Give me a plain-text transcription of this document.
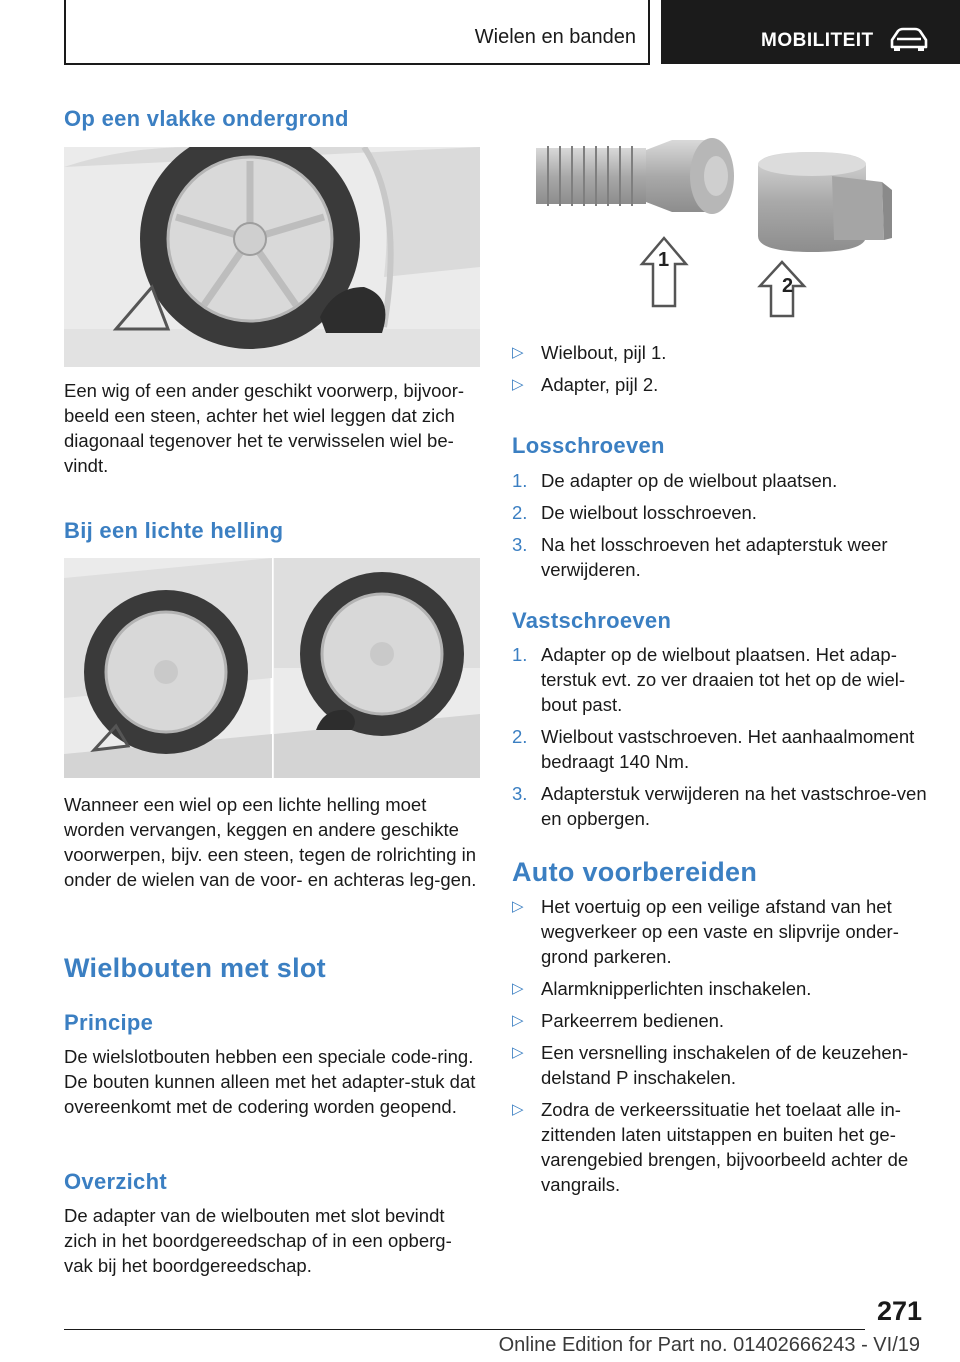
Wielen en banden	MOBILITEIT
Op een vlakke ondergrond

Een wig of een ander geschikt voorwerp, bijvoor-beeld een steen, achter het wiel leggen dat zich diagonaal tegenover het te verwisselen wiel be-vindt.

Bij een lichte helling

Wanneer een wiel op een lichte helling moet worden vervangen, keggen en andere geschikte voorwerpen, bijv. een steen, tegen de rolrichting in onder de wielen van de voor- en achteras leg-gen.

Wielbouten met slot
Principe

De wielslotbouten hebben een speciale code-ring. De bouten kunnen alleen met het adapter-stuk dat overeenkomt met de codering worden geopend.

Overzicht

De adapter van de wielbouten met slot bevindt zich in het boordgereedschap of in een opberg-vak bij het boordgereedschap.

1
2
▷ Wielbout, pijl 1.
▷ Adapter, pijl 2.
Losschroeven
1. De adapter op de wielbout plaatsen.
2. De wielbout losschroeven.
3. Na het losschroeven het adapterstuk weer verwijderen.
Vastschroeven
1. Adapter op de wielbout plaatsen. Het adap-terstuk evt. zo ver draaien tot het op de wiel-bout past.
2. Wielbout vastschroeven. Het aanhaalmoment bedraagt 140 Nm.
3. Adapterstuk verwijderen na het vastschroe-ven en opbergen.
Auto voorbereiden
▷ Het voertuig op een veilige afstand van het wegverkeer op een vaste en slipvrije onder-grond parkeren.
▷ Alarmknipperlichten inschakelen.
▷ Parkeerrem bedienen.
▷ Een versnelling inschakelen of de keuzehen-delstand P inschakelen.
▷ Zodra de verkeerssituatie het toelaat alle in-zittenden laten uitstappen en buiten het ge-varengebied brengen, bijvoorbeeld achter de vangrails.
271
Online Edition for Part no. 01402666243 - VI/19
